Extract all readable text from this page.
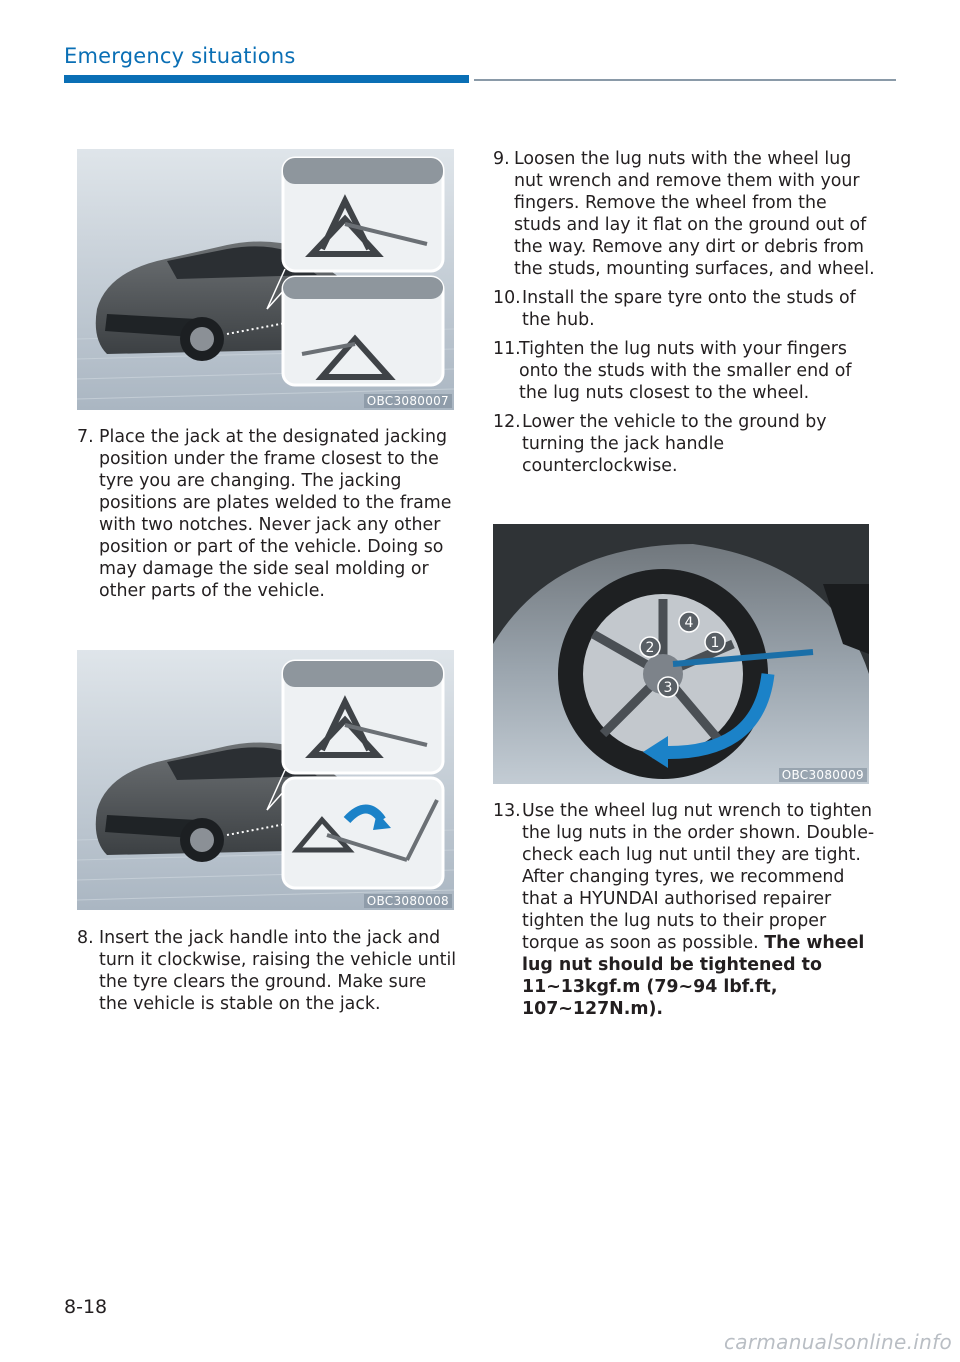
Emergency situations
OBC3080007
OBC3080008
1
2
3
4
OBC3080009
7. Place the jack at the designated jacking position under the frame closest to the tyre you are changing. The jacking positions are plates welded to the frame with two notches. Never jack any other position or part of the vehicle. Doing so may damage the side seal molding or other parts of the vehicle.
8. Insert the jack handle into the jack and turn it clockwise, raising the vehicle until the tyre clears the ground. Make sure the vehicle is stable on the jack.
9. Loosen the lug nuts with the wheel lug nut wrench and remove them with your fingers. Remove the wheel from the studs and lay it flat on the ground out of the way. Remove any dirt or debris from the studs, mounting surfaces, and wheel.
10. Install the spare tyre onto the studs of the hub.
11.
Tighten the lug nuts with your fingers onto the studs with the smaller end of the lug nuts closest to the wheel.
12. Lower the vehicle to the ground by turning the jack handle counterclockwise.
13. Use the wheel lug nut wrench to tighten the lug nuts in the order shown. Double-check each lug nut until they are tight. After changing tyres, we recommend that a HYUNDAI authorised repairer tighten the lug nuts to their proper torque as soon as possible. The wheel lug nut should be tightened to 11~13kgf.m (79~94 lbf.ft, 107~127N.m).
8-18
carmanualsonline.info
